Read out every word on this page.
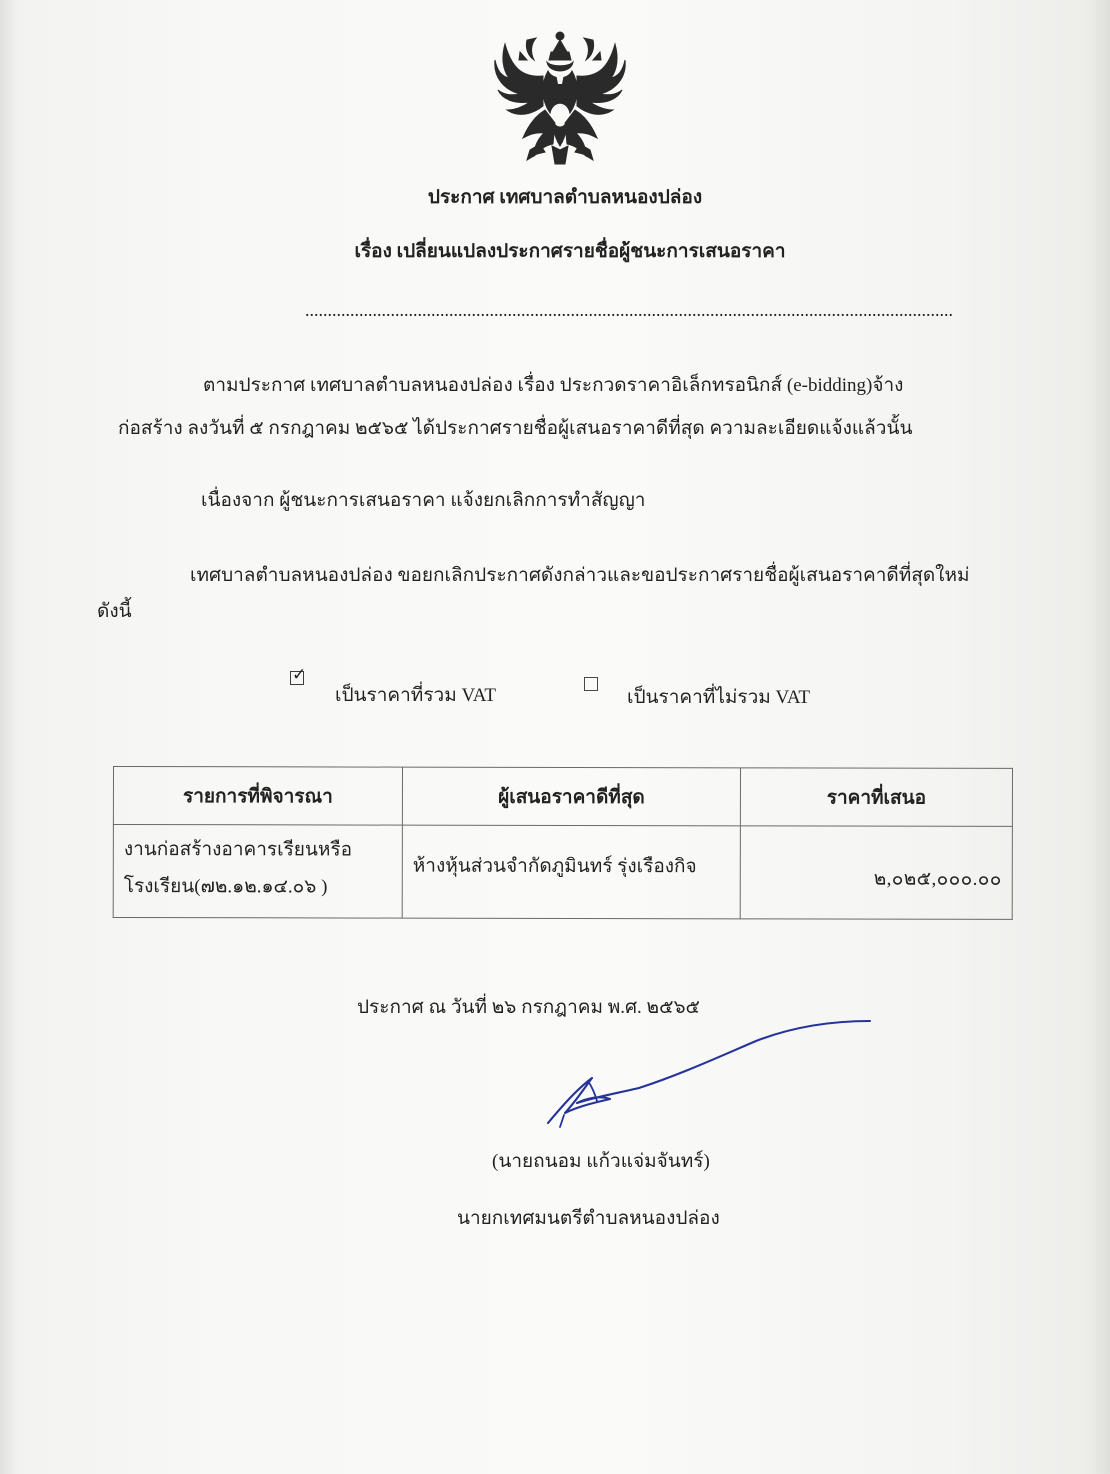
ประกาศ เทศบาลตำบลหนองปล่อง
เรื่อง เปลี่ยนแปลงประกาศรายชื่อผู้ชนะการเสนอราคา
................................................................................................................................................
ตามประกาศ เทศบาลตำบลหนองปล่อง เรื่อง ประกวดราคาอิเล็กทรอนิกส์ (e-bidding)จ้าง
ก่อสร้าง ลงวันที่ ๕ กรกฎาคม ๒๕๖๕ ได้ประกาศรายชื่อผู้เสนอราคาดีที่สุด ความละเอียดแจ้งแล้วนั้น
เนื่องจาก ผู้ชนะการเสนอราคา แจ้งยกเลิกการทำสัญญา
เทศบาลตำบลหนองปล่อง ขอยกเลิกประกาศดังกล่าวและขอประกาศรายชื่อผู้เสนอราคาดีที่สุดใหม่
ดังนี้
✓
เป็นราคาที่รวม VAT	เป็นราคาที่ไม่รวม VAT
รายการที่พิจารณา	ผู้เสนอราคาดีที่สุด	ราคาที่เสนอ

งานก่อสร้างอาคารเรียนหรือ
โรงเรียน(๗๒.๑๒.๑๔.๐๖ )	ห้างหุ้นส่วนจำกัดภูมินทร์ รุ่งเรืองกิจ	๒,๐๒๕,๐๐๐.๐๐
ประกาศ ณ วันที่ ๒๖ กรกฎาคม พ.ศ. ๒๕๖๕
(นายถนอม แก้วแจ่มจันทร์)
นายกเทศมนตรีตำบลหนองปล่อง
